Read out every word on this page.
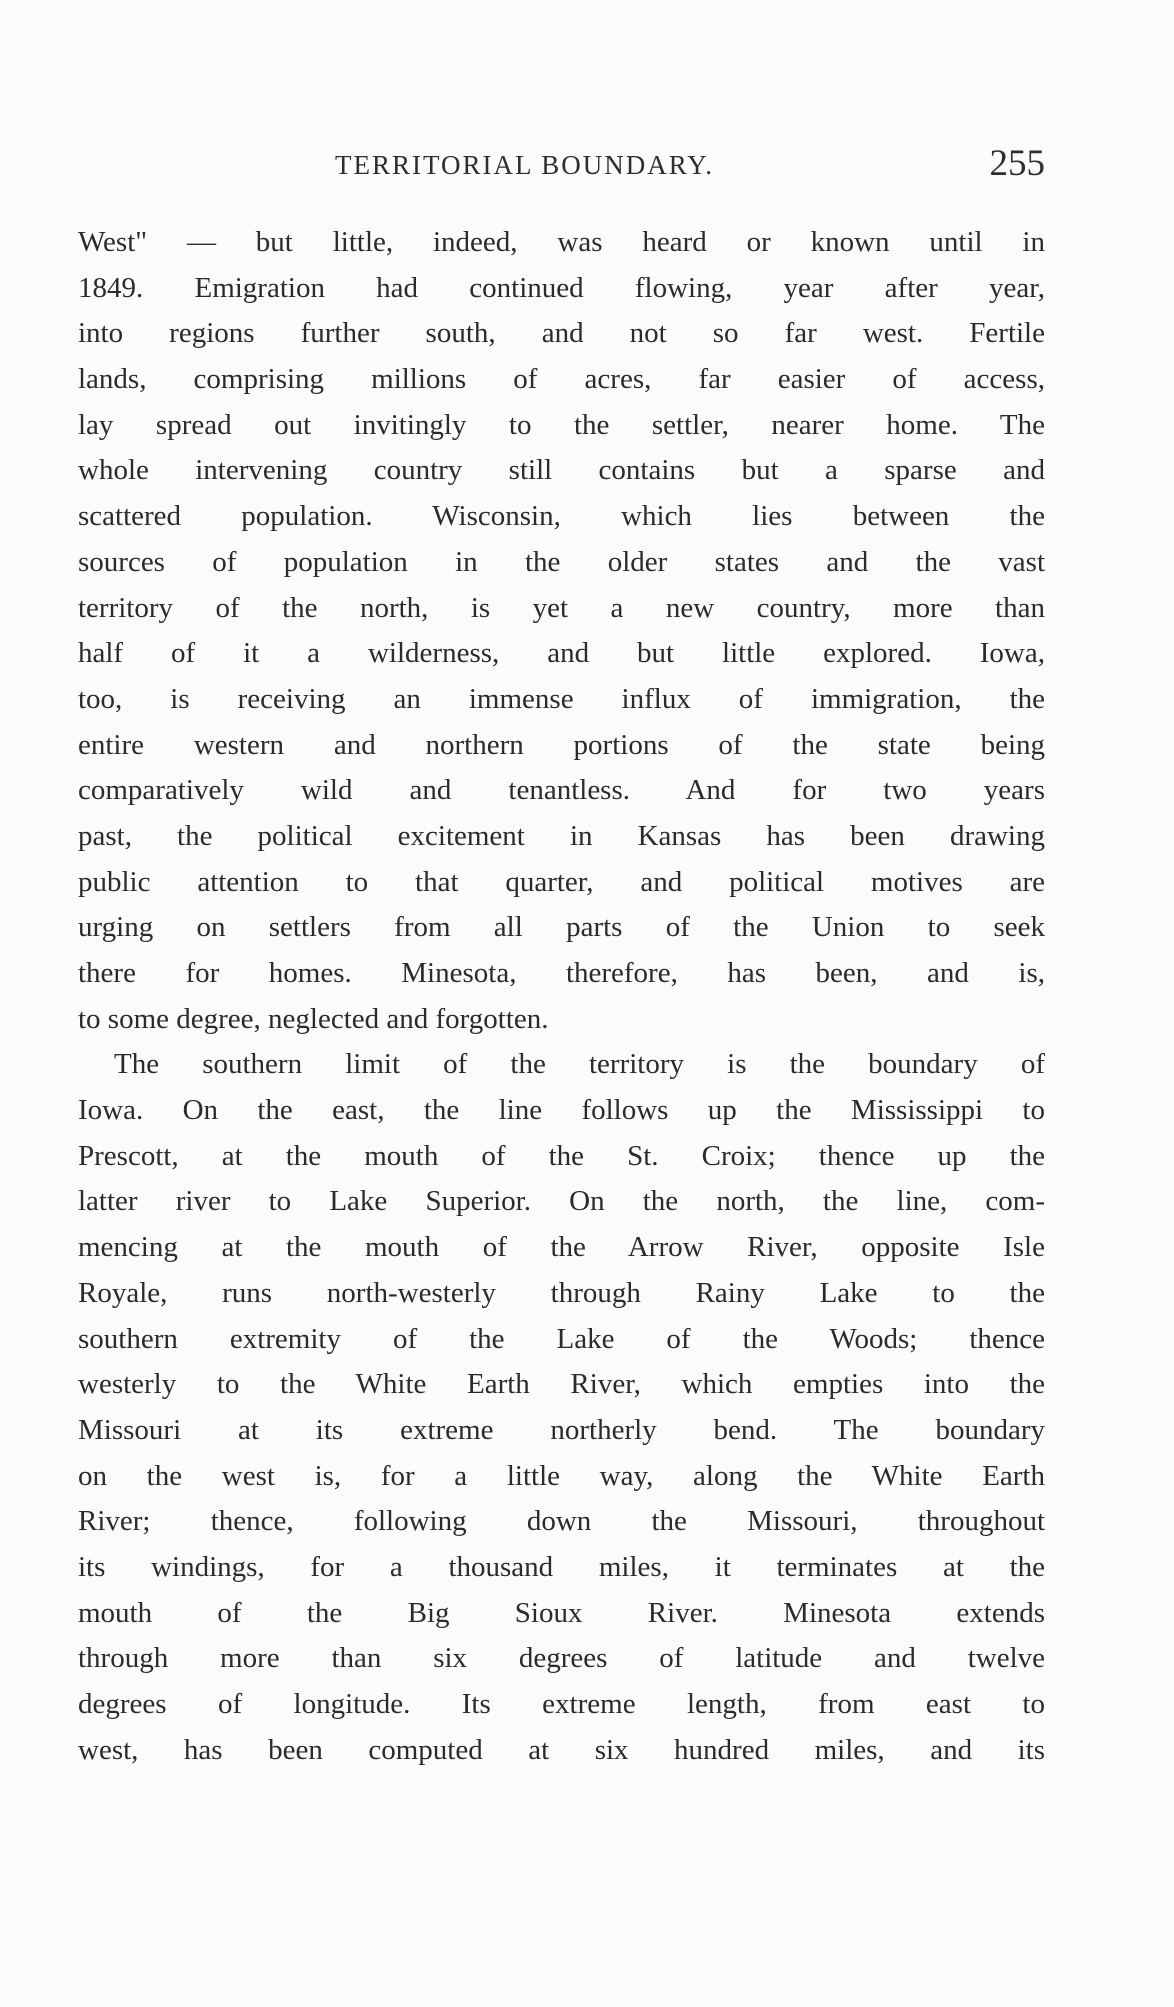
TERRITORIAL BOUNDARY.	255
West" — but little, indeed, was heard or known until in
1849. Emigration had continued flowing, year after year,
into regions further south, and not so far west. Fertile
lands, comprising millions of acres, far easier of access,
lay spread out invitingly to the settler, nearer home. The
whole intervening country still contains but a sparse and
scattered population. Wisconsin, which lies between the
sources of population in the older states and the vast
territory of the north, is yet a new country, more than
half of it a wilderness, and but little explored. Iowa,
too, is receiving an immense influx of immigration, the
entire western and northern portions of the state being
comparatively wild and tenantless. And for two years
past, the political excitement in Kansas has been drawing
public attention to that quarter, and political motives are
urging on settlers from all parts of the Union to seek
there for homes. Minesota, therefore, has been, and is,
to some degree, neglected and forgotten.
The southern limit of the territory is the boundary of
Iowa. On the east, the line follows up the Mississippi to
Prescott, at the mouth of the St. Croix; thence up the
latter river to Lake Superior. On the north, the line, com-
mencing at the mouth of the Arrow River, opposite Isle
Royale, runs north-westerly through Rainy Lake to the
southern extremity of the Lake of the Woods; thence
westerly to the White Earth River, which empties into the
Missouri at its extreme northerly bend. The boundary
on the west is, for a little way, along the White Earth
River; thence, following down the Missouri, throughout
its windings, for a thousand miles, it terminates at the
mouth of the Big Sioux River. Minesota extends
through more than six degrees of latitude and twelve
degrees of longitude. Its extreme length, from east to
west, has been computed at six hundred miles, and its
